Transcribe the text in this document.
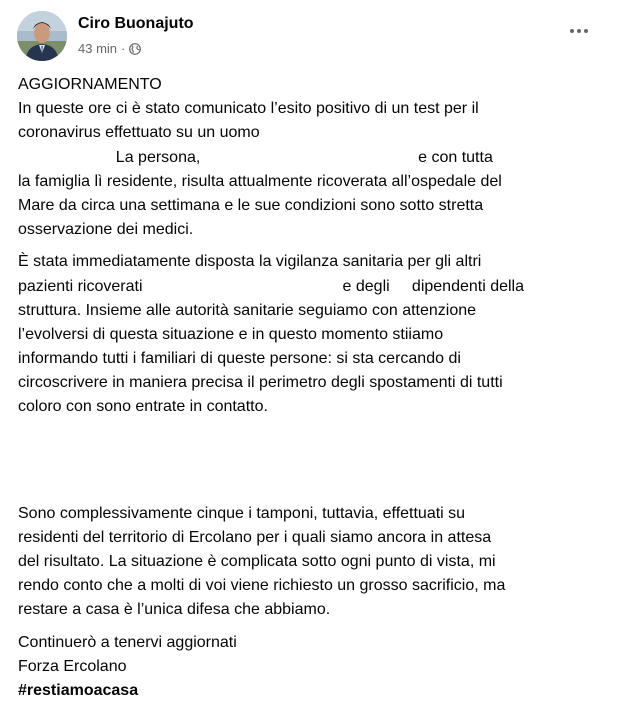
Ciro Buonajuto
43 min ·
AGGIORNAMENTO
In queste ore ci è stato comunicato l’esito positivo di un test per il
coronavirus effettuato su un uomo
La persona,                                                 e con tutta
la famiglia lì residente, risulta attualmente ricoverata all’ospedale del
Mare da circa una settimana e le sue condizioni sono sotto stretta
osservazione dei medici.
È stata immediatamente disposta la vigilanza sanitaria per gli altri
pazienti ricoverati                                             e degli     dipendenti della
struttura. Insieme alle autorità sanitarie seguiamo con attenzione
l’evolversi di questa situazione e in questo momento stiiamo
informando tutti i familiari di queste persone: si sta cercando di
circoscrivere in maniera precisa il perimetro degli spostamenti di tutti
coloro con sono entrate in contatto.
Sono complessivamente cinque i tamponi, tuttavia, effettuati su
residenti del territorio di Ercolano per i quali siamo ancora in attesa
del risultato. La situazione è complicata sotto ogni punto di vista, mi
rendo conto che a molti di voi viene richiesto un grosso sacrificio, ma
restare a casa è l’unica difesa che abbiamo.
Continuerò a tenervi aggiornati
Forza Ercolano
#restiamoacasa
